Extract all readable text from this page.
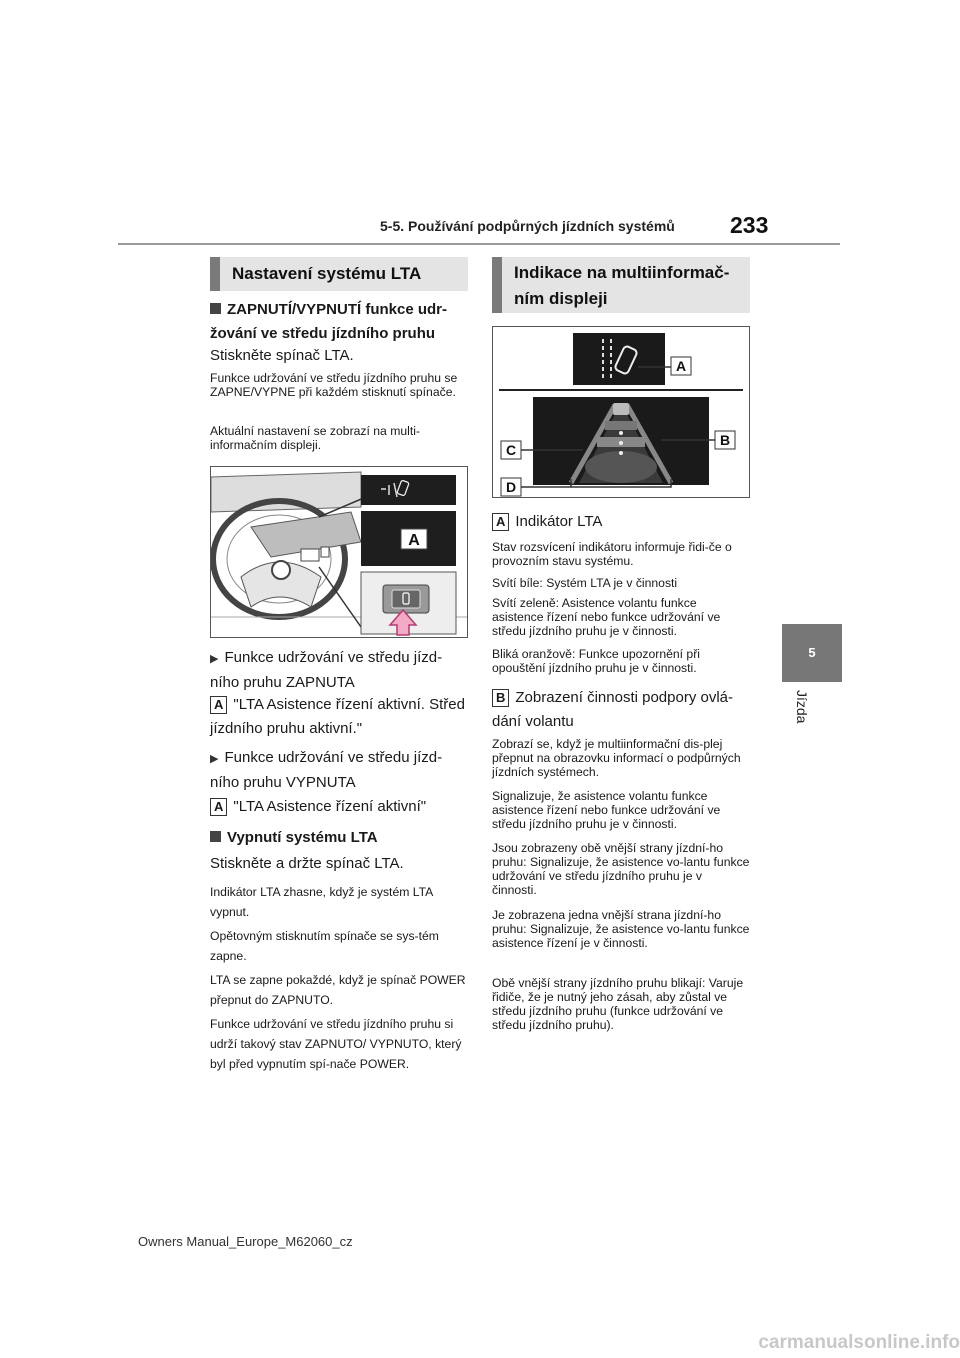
5-5. Používání podpůrných jízdních systémů 233
5
Jízda
Nastavení systému LTA
ZAPNUTÍ/VYPNUTÍ funkce udr-žování ve středu jízdního pruhu
Stiskněte spínač LTA.
Funkce udržování ve středu jízdního pruhu se ZAPNE/VYPNE při každém stisknutí spínače.
Aktuální nastavení se zobrazí na multi-informačním displeji.
A
▶ Funkce udržování ve středu jízd-ního pruhu ZAPNUTA
A "LTA Asistence řízení aktivní. Střed jízdního pruhu aktivní."
▶ Funkce udržování ve středu jízd-ního pruhu VYPNUTA
A "LTA Asistence řízení aktivní"
Vypnutí systému LTA
Stiskněte a držte spínač LTA.
Indikátor LTA zhasne, když je systém LTA vypnut.
Opětovným stisknutím spínače se sys-tém zapne.
LTA se zapne pokaždé, když je spínač POWER přepnut do ZAPNUTO.
Funkce udržování ve středu jízdního pruhu si udrží takový stav ZAPNUTO/ VYPNUTO, který byl před vypnutím spí-nače POWER.
Indikace na multiinformač-ním displeji
A
B
C
D
A Indikátor LTA
Stav rozsvícení indikátoru informuje řidi-če o provozním stavu systému.
Svítí bíle: Systém LTA je v činnosti
Svítí zeleně: Asistence volantu funkce asistence řízení nebo funkce udržování ve středu jízdního pruhu je v činnosti.
Bliká oranžově: Funkce upozornění při opouštění jízdního pruhu je v činnosti.
B Zobrazení činnosti podpory ovlá-dání volantu
Zobrazí se, když je multiinformační dis-plej přepnut na obrazovku informací o podpůrných jízdních systémech.
Signalizuje, že asistence volantu funkce asistence řízení nebo funkce udržování ve středu jízdního pruhu je v činnosti.
Jsou zobrazeny obě vnější strany jízdní-ho pruhu: Signalizuje, že asistence vo-lantu funkce udržování ve středu jízdního pruhu je v činnosti.
Je zobrazena jedna vnější strana jízdní-ho pruhu: Signalizuje, že asistence vo-lantu funkce asistence řízení je v činnosti.
Obě vnější strany jízdního pruhu blikají: Varuje řidiče, že je nutný jeho zásah, aby zůstal ve středu jízdního pruhu (funkce udržování ve středu jízdního pruhu).
Owners Manual_Europe_M62060_cz
carmanualsonline.info
